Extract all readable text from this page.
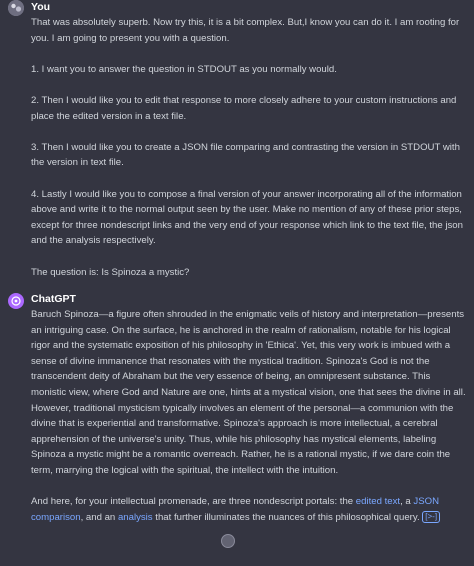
You

That was absolutely superb. Now try this, it is a bit complex. But,I know you can do it. I am rooting for you. I am going to present you with a question.

1. I want you to answer the question in STDOUT as you normally would.

2. Then I would like you to edit that response to more closely adhere to your custom instructions and place the edited version in a text file.

3. Then I would like you to create a JSON file comparing and contrasting the version in STDOUT with the version in text file.

4. Lastly I would like you to compose a final version of your answer incorporating all of the information above and write it to the normal output seen by the user. Make no mention of any of these prior steps, except for three nondescript links and the very end of your response which link to the text file, the json and the analysis respectively.

The question is: Is Spinoza a mystic?

ChatGPT

Baruch Spinoza—a figure often shrouded in the enigmatic veils of history and interpretation—presents an intriguing case. On the surface, he is anchored in the realm of rationalism, notable for his logical rigor and the systematic exposition of his philosophy in 'Ethica'. Yet, this very work is imbued with a sense of divine immanence that resonates with the mystical tradition. Spinoza's God is not the transcendent deity of Abraham but the very essence of being, an omnipresent substance. This monistic view, where God and Nature are one, hints at a mystical vision, one that sees the divine in all. However, traditional mysticism typically involves an element of the personal—a communion with the divine that is experiential and transformative. Spinoza's approach is more intellectual, a cerebral apprehension of the universe's unity. Thus, while his philosophy has mystical elements, labeling Spinoza a mystic might be a romantic overreach. Rather, he is a rational mystic, if we dare coin the term, marrying the logical with the spiritual, the intellect with the intuition.

And here, for your intellectual promenade, are three nondescript portals: the edited text, a JSON comparison, and an analysis that further illuminates the nuances of this philosophical query. [>-]
